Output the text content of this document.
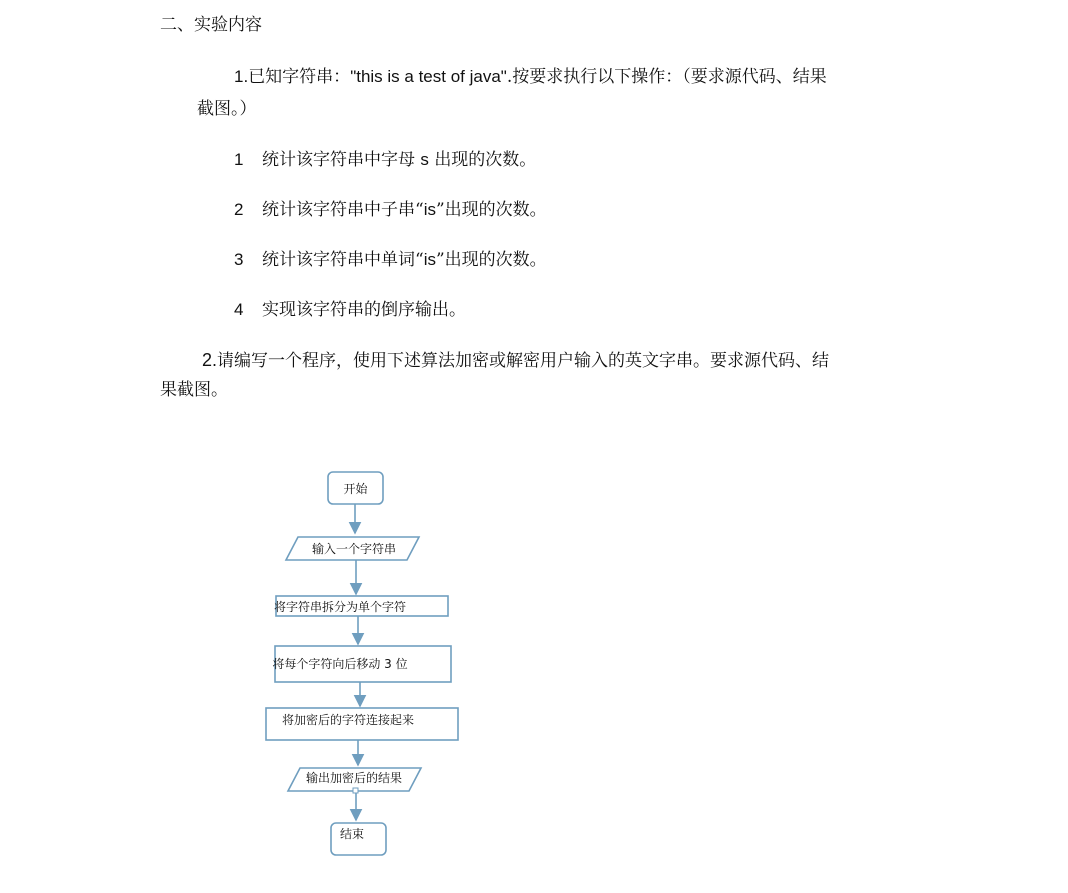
二、实验内容
1.已知字符串："this is a test of java".按要求执行以下操作：（要求源代码、结果
截图。）
1 统计该字符串中字母 s 出现的次数。
2 统计该字符串中子串“is”出现的次数。
3 统计该字符串中单词“is”出现的次数。
4 实现该字符串的倒序输出。
2.请编写一个程序，使用下述算法加密或解密用户输入的英文字串。要求源代码、结
果截图。
开始
输入一个字符串
将字符串拆分为单个字符
将每个字符向后移动 3 位
将加密后的字符连接起来
输出加密后的结果
结束
